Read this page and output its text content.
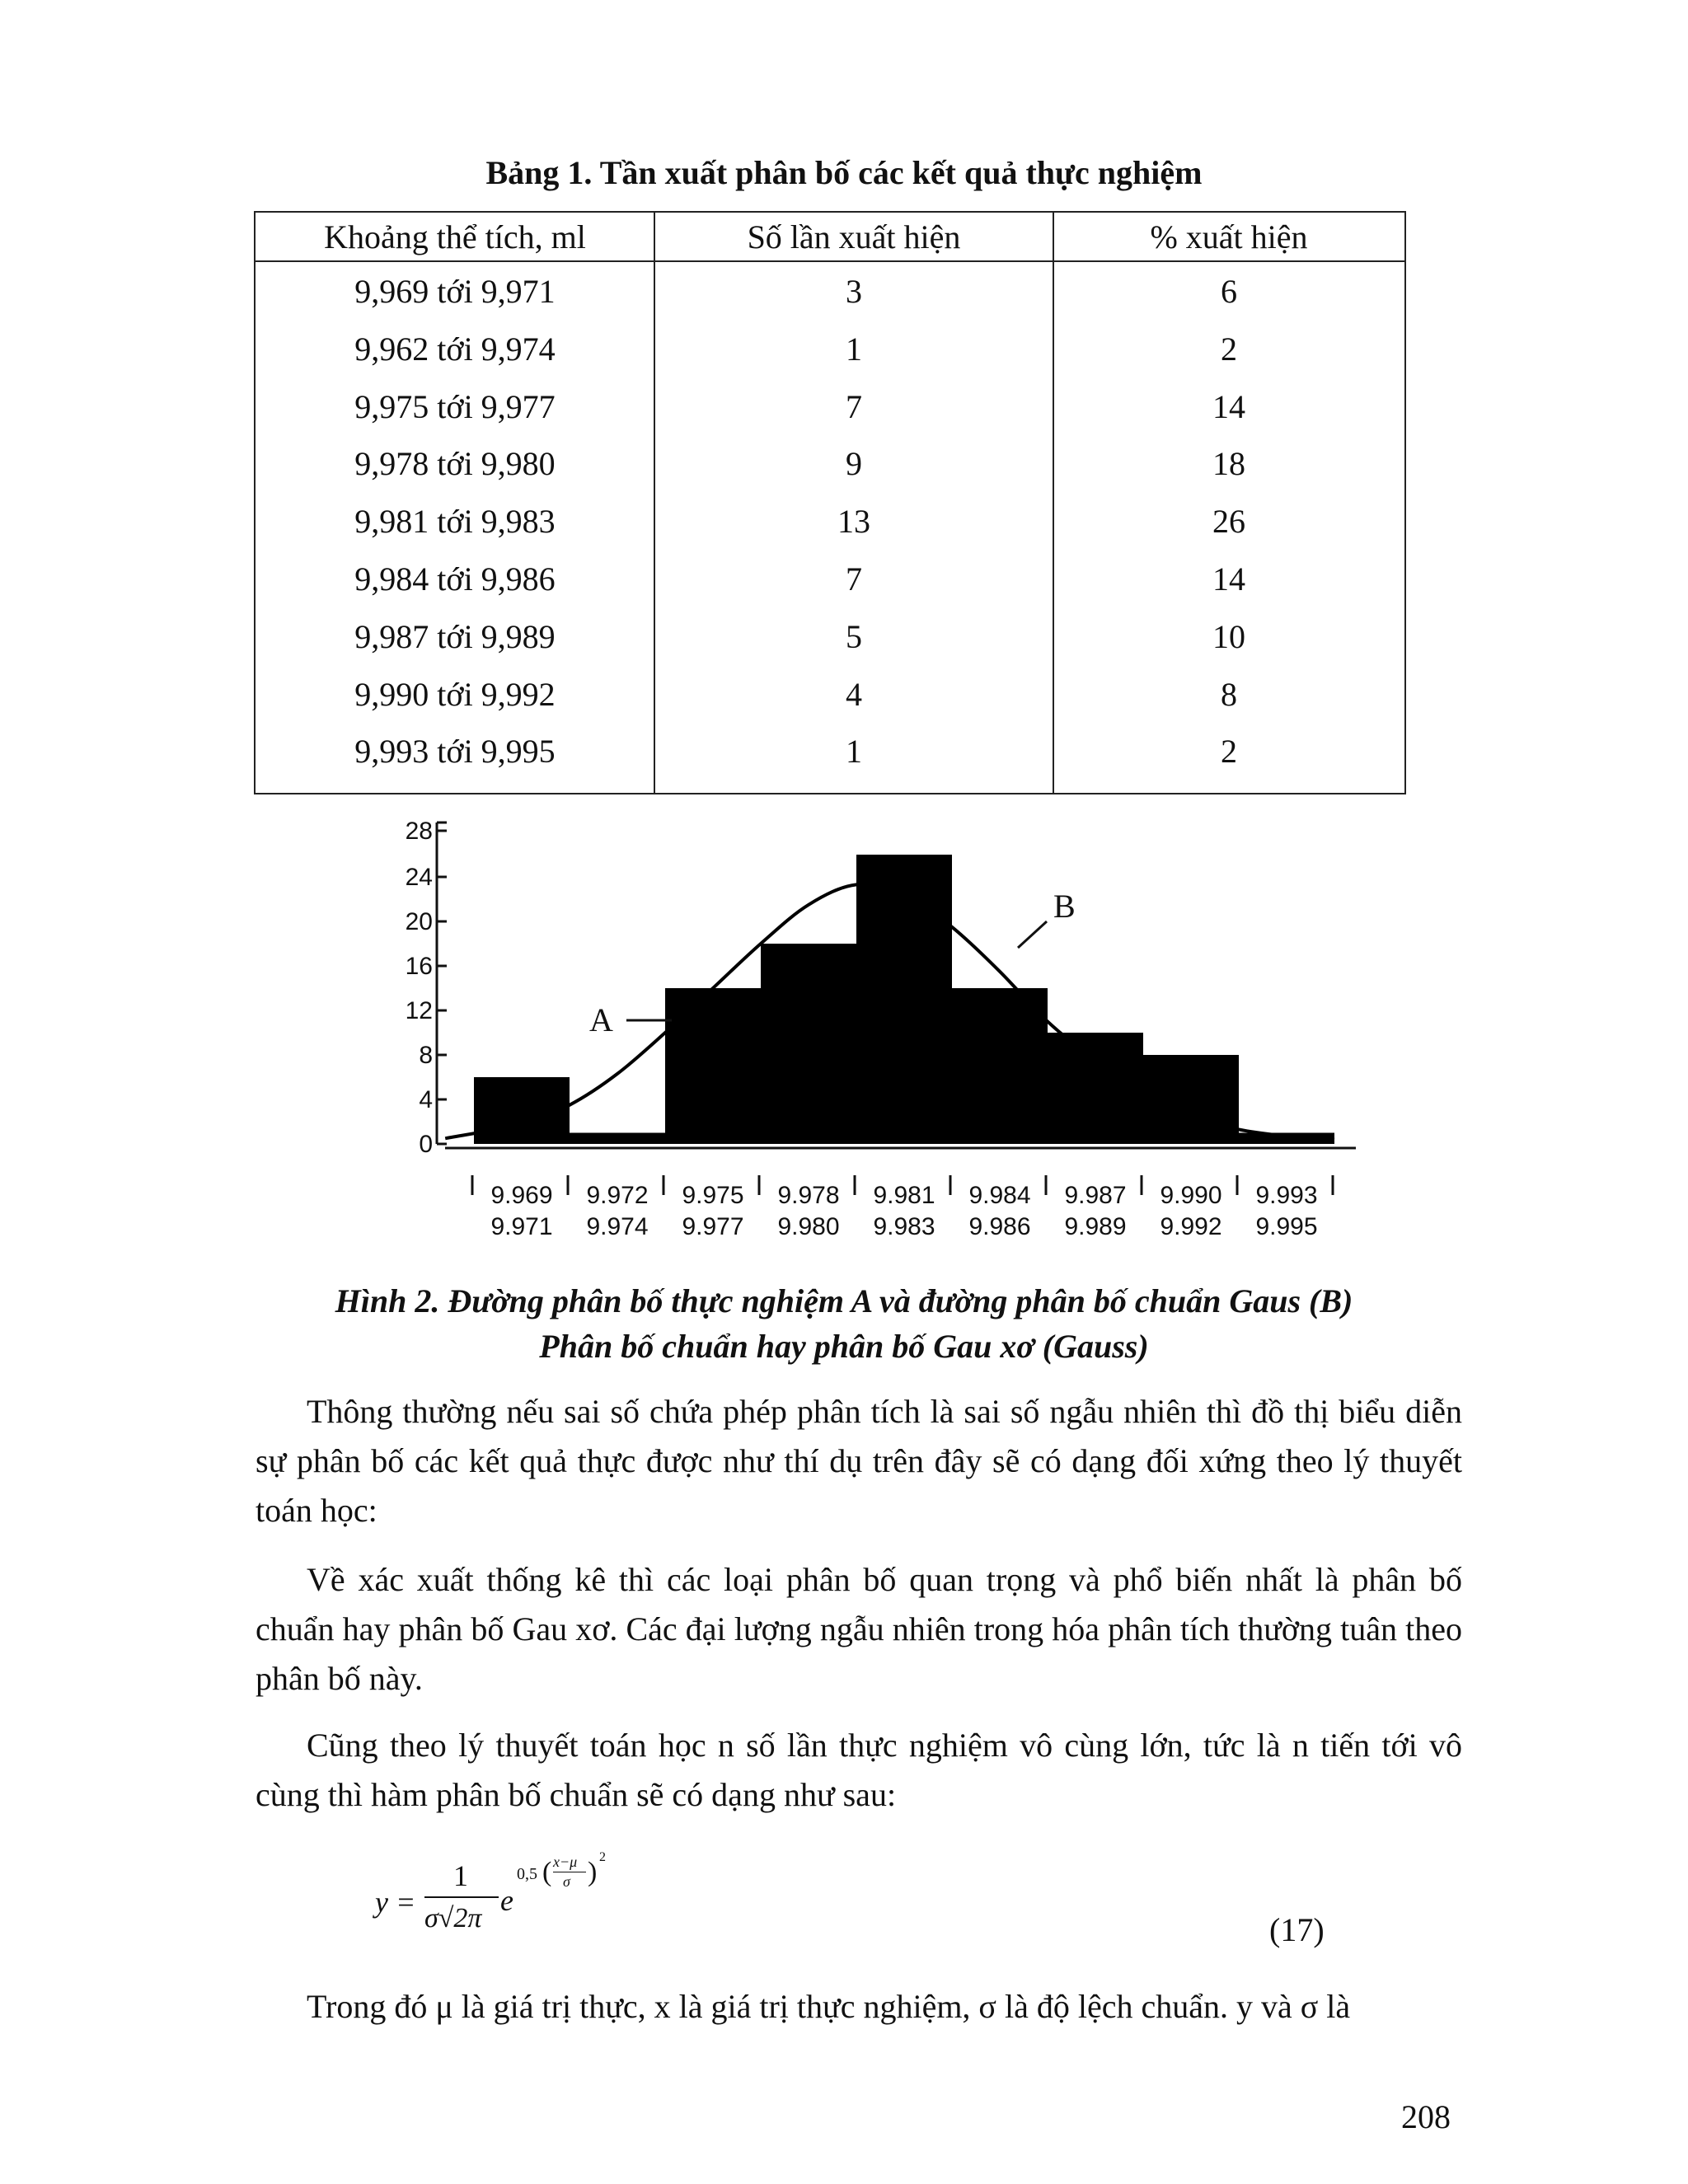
Bảng 1. Tần xuất phân bố các kết quả thực nghiệm
Khoảng thể tích, ml	Số lần xuất hiện	% xuất hiện
9,969 tới 9,971	3	6
9,962 tới 9,974	1	2
9,975 tới 9,977	7	14
9,978 tới 9,980	9	18
9,981 tới 9,983	13	26
9,984 tới 9,986	7	14
9,987 tới 9,989	5	10
9,990 tới 9,992	4	8
9,993 tới 9,995	1	2
0
4
8
12
16
20
24
28
9.969
9.971
9.972
9.974
9.975
9.977
9.978
9.980
9.981
9.983
9.984
9.986
9.987
9.989
9.990
9.992
9.993
9.995
A
B
Hình 2. Đường phân bố thực nghiệm A và đường phân bố chuẩn Gaus (B)
Phân bố chuẩn hay phân bố Gau xơ (Gauss)

Thông thường nếu sai số chứa phép phân tích là sai số ngẫu nhiên thì đồ thị biểu diễn sự phân bố các kết quả thực được như thí dụ trên đây sẽ có dạng đối xứng theo lý thuyết toán học:

Về xác xuất thống kê thì các loại phân bố quan trọng và phổ biến nhất là phân bố chuẩn hay phân bố Gau xơ. Các đại lượng ngẫu nhiên trong hóa phân tích thường tuân theo phân bố này.

Cũng theo lý thuyết toán học n số lần thực nghiệm vô cùng lớn, tức là n tiến tới vô cùng thì hàm phân bố chuẩn sẽ có dạng như sau:

y =
1
σ√2π
e
0,5 ( x−μ
σ ) 2
(17)

Trong đó μ là giá trị thực, x là giá trị thực nghiệm, σ là độ lệch chuẩn. y và σ là

208
